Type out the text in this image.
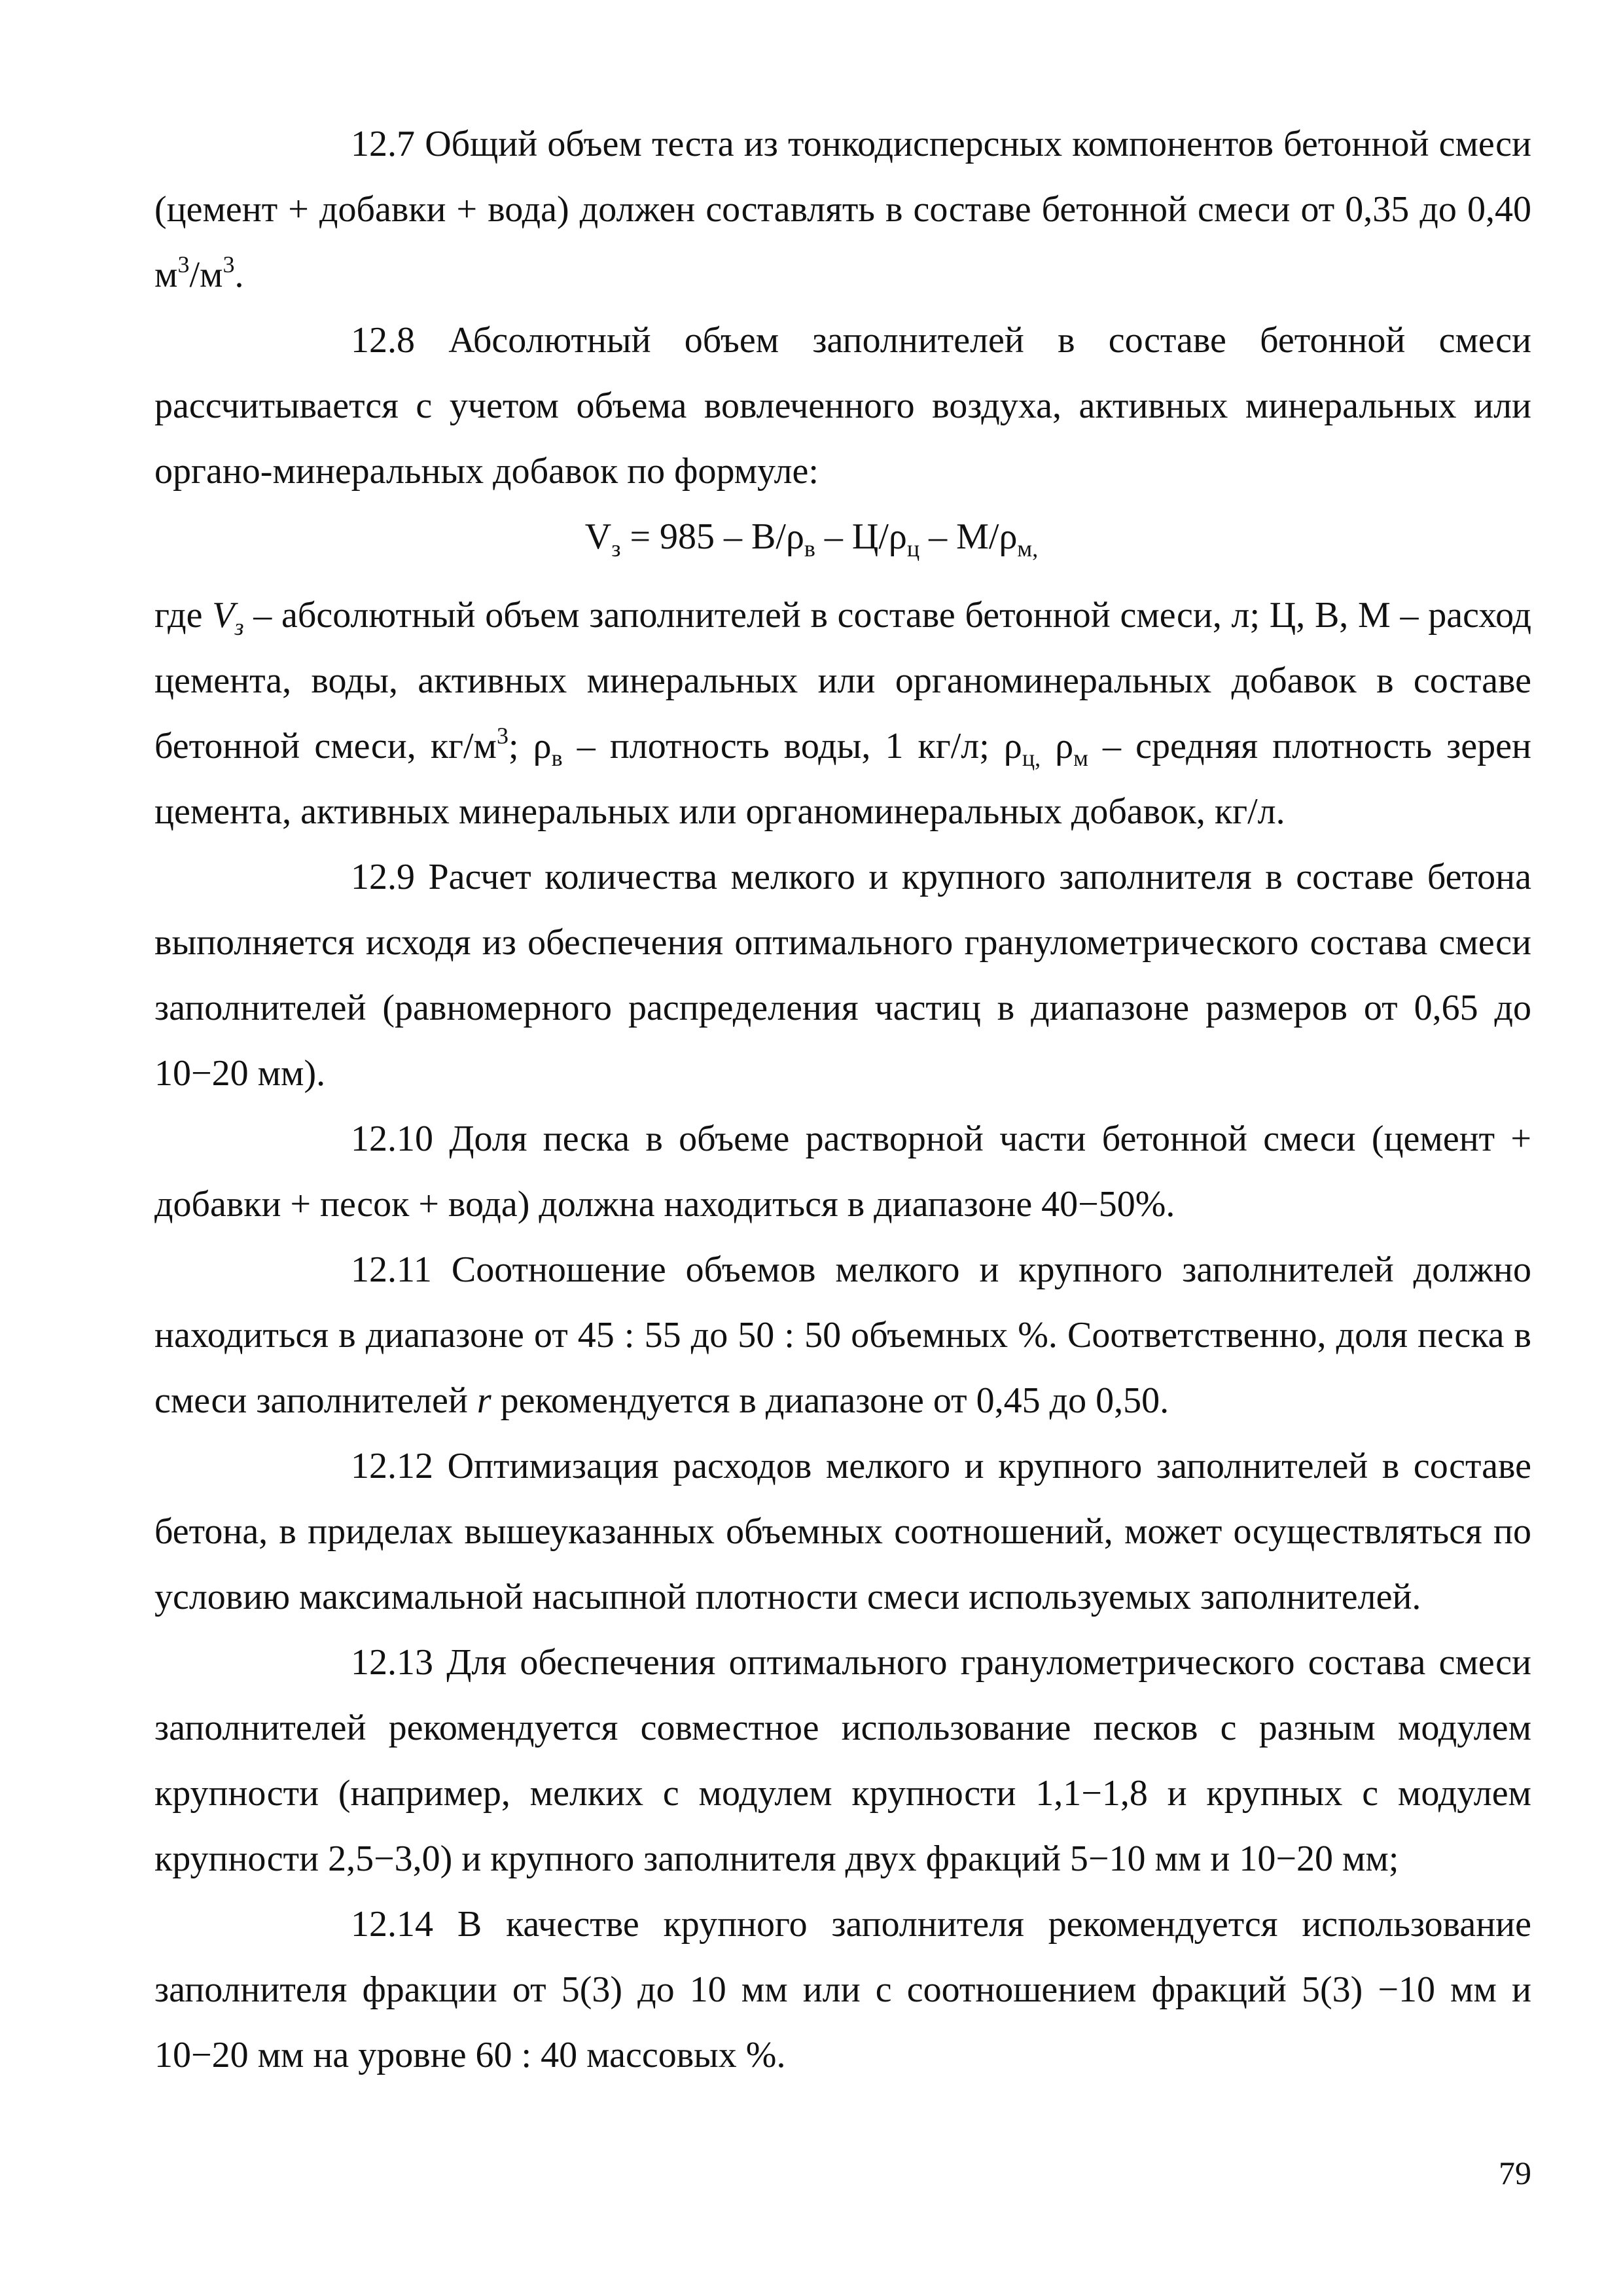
12.7 Общий объем теста из тонкодисперсных компонентов бетонной смеси (цемент + добавки + вода) должен составлять в составе бетонной смеси от 0,35 до 0,40 $м^3/м^3$.

12.8 Абсолютный объем заполнителей в составе бетонной смеси рассчитывается с учетом объема вовлеченного воздуха, активных минеральных или органо-минеральных добавок по формуле:

$V_з = 985 - В/\rho_в - Ц/\rho_ц - М/\rho_{м,}$

где $V_з$ – абсолютный объем заполнителей в составе бетонной смеси, л; Ц, В, М – расход цемента, воды, активных минеральных или органоминеральных добавок в составе бетонной смеси, $кг/м^3$; $\rho_в$ – плотность воды, 1 кг/л; $\rho_{ц,}$ $\rho_м$ – средняя плотность зерен цемента, активных минеральных или органоминеральных добавок, кг/л.

12.9 Расчет количества мелкого и крупного заполнителя в составе бетона выполняется исходя из обеспечения оптимального гранулометрического состава смеси заполнителей (равномерного распределения частиц в диапазоне размеров от 0,65 до 10−20 мм).

12.10 Доля песка в объеме растворной части бетонной смеси (цемент + добавки + песок + вода) должна находиться в диапазоне 40−50%.

12.11 Соотношение объемов мелкого и крупного заполнителей должно находиться в диапазоне от 45 : 55 до 50 : 50 объемных %. Соответственно, доля песка в смеси заполнителей r рекомендуется в диапазоне от 0,45 до 0,50.

12.12 Оптимизация расходов мелкого и крупного заполнителей в составе бетона, в приделах вышеуказанных объемных соотношений, может осуществляться по условию максимальной насыпной плотности смеси используемых заполнителей.

12.13 Для обеспечения оптимального гранулометрического состава смеси заполнителей рекомендуется совместное использование песков с разным модулем крупности (например, мелких с модулем крупности 1,1−1,8 и крупных с модулем крупности 2,5−3,0) и крупного заполнителя двух фракций 5−10 мм и 10−20 мм;

12.14 В качестве крупного заполнителя рекомендуется использование заполнителя фракции от 5(3) до 10 мм или с соотношением фракций 5(3) −10 мм и 10−20 мм на уровне 60 : 40 массовых %.

79
